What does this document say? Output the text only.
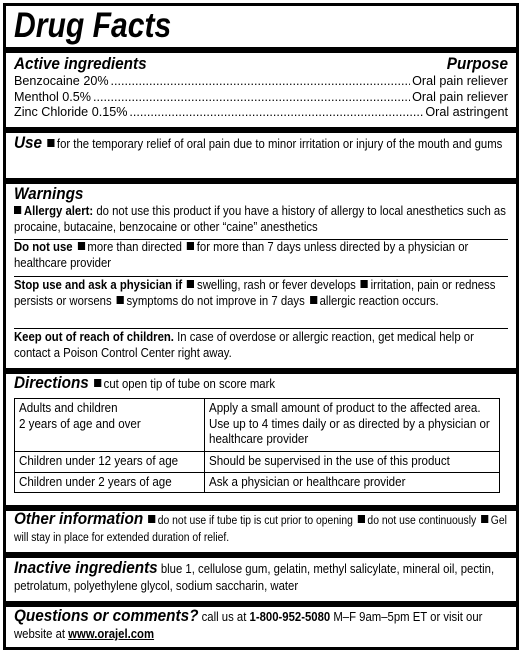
Drug Facts
Active ingredients	Purpose
Benzocaine 20% .....	Oral pain reliever
Menthol 0.5% .....	Oral pain reliever
Zinc Chloride 0.15% .....	Oral astringent
Use for the temporary relief of oral pain due to minor irritation or injury of the mouth and gums
Warnings
Allergy alert: do not use this product if you have a history of allergy to local anesthetics such as procaine, butacaine, benzocaine or other “caine” anesthetics
Do not use more than directed for more than 7 days unless directed by a physician or healthcare provider
Stop use and ask a physician if swelling, rash or fever develops irritation, pain or redness persists or worsens symptoms do not improve in 7 days allergic reaction occurs.
Keep out of reach of children. In case of overdose or allergic reaction, get medical help or contact a Poison Control Center right away.
Directions cut open tip of tube on score mark
Adults and children
2 years of age and over	Apply a small amount of product to the affected area. Use up to 4 times daily or as directed by a physician or healthcare provider

Children under 12 years of age	Should be supervised in the use of this product

Children under 2 years of age	Ask a physician or healthcare provider
Other information do not use if tube tip is cut prior to opening do not use continuously Gel will stay in place for extended duration of relief.
Inactive ingredients blue 1, cellulose gum, gelatin, methyl salicylate, mineral oil, pectin, petrolatum, polyethylene glycol, sodium saccharin, water
Questions or comments? call us at 1-800-952-5080 M–F 9am–5pm ET or visit our website at www.orajel.com
